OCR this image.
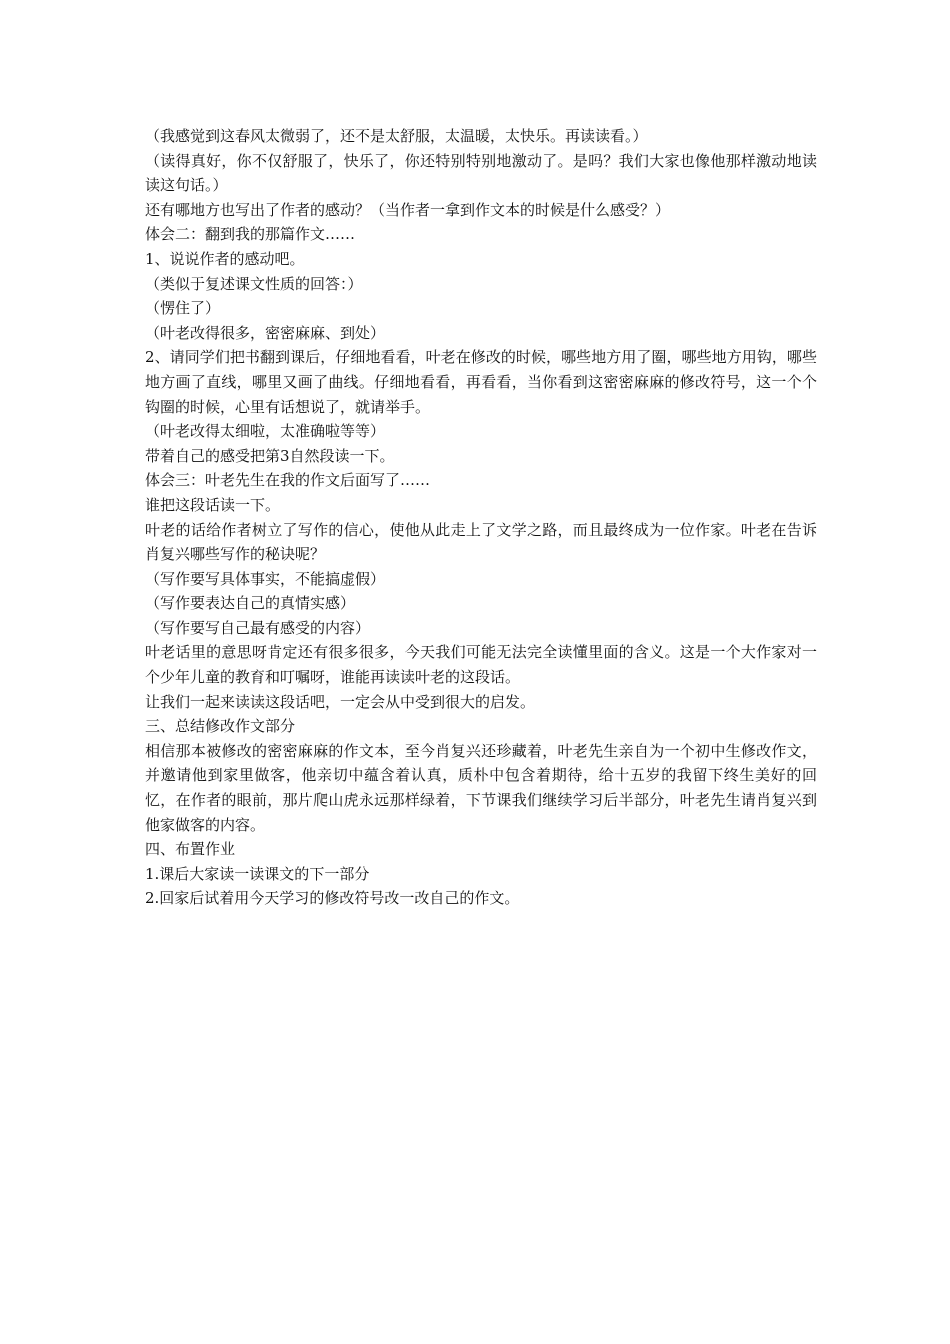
（我感觉到这春风太微弱了，还不是太舒服，太温暖，太快乐。再读读看。）

（读得真好，你不仅舒服了，快乐了，你还特别特别地激动了。是吗？我们大家也像他那样激动地读读这句话。）

还有哪地方也写出了作者的感动？（当作者一拿到作文本的时候是什么感受？）

体会二：翻到我的那篇作文……

1、说说作者的感动吧。

（类似于复述课文性质的回答：）

（愣住了）

（叶老改得很多，密密麻麻、到处）

2、请同学们把书翻到课后，仔细地看看，叶老在修改的时候，哪些地方用了圈，哪些地方用钩，哪些地方画了直线，哪里又画了曲线。仔细地看看，再看看，当你看到这密密麻麻的修改符号，这一个个钩圈的时候，心里有话想说了，就请举手。

（叶老改得太细啦，太准确啦等等）

带着自己的感受把第3自然段读一下。

体会三：叶老先生在我的作文后面写了……

谁把这段话读一下。

叶老的话给作者树立了写作的信心，使他从此走上了文学之路，而且最终成为一位作家。叶老在告诉肖复兴哪些写作的秘诀呢？

（写作要写具体事实，不能搞虚假）

（写作要表达自己的真情实感）

（写作要写自己最有感受的内容）

叶老话里的意思呀肯定还有很多很多，今天我们可能无法完全读懂里面的含义。这是一个大作家对一个少年儿童的教育和叮嘱呀，谁能再读读叶老的这段话。

让我们一起来读读这段话吧，一定会从中受到很大的启发。

三、总结修改作文部分

相信那本被修改的密密麻麻的作文本，至今肖复兴还珍藏着，叶老先生亲自为一个初中生修改作文，并邀请他到家里做客，他亲切中蕴含着认真，质朴中包含着期待，给十五岁的我留下终生美好的回忆，在作者的眼前，那片爬山虎永远那样绿着，下节课我们继续学习后半部分，叶老先生请肖复兴到他家做客的内容。

四、布置作业

1.课后大家读一读课文的下一部分

2.回家后试着用今天学习的修改符号改一改自己的作文。
